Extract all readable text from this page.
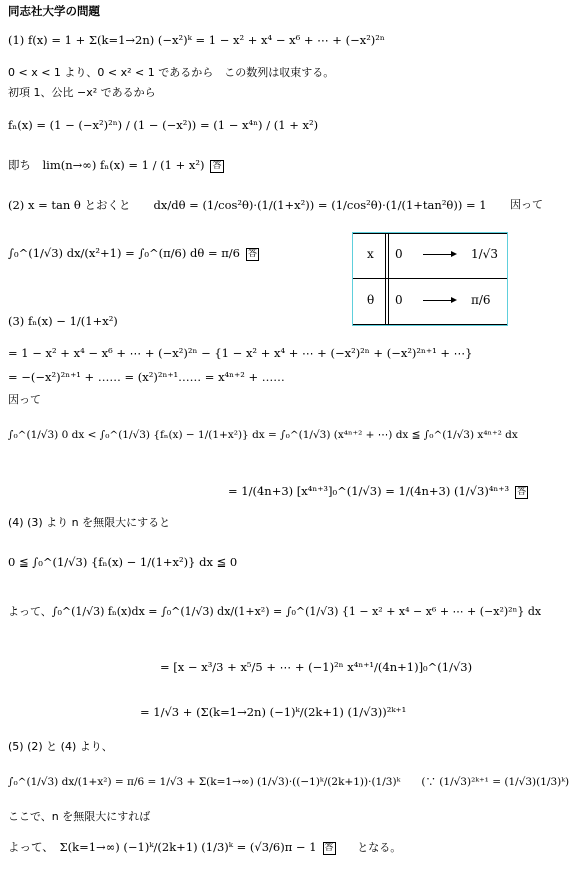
同志社大学の問題
(1) f(x) = 1 + Σ(k=1→2n) (−x²)ᵏ = 1 − x² + x⁴ − x⁶ + ⋯ + (−x²)²ⁿ
0 < x < 1 より、0 < x² < 1 であるから　この数列は収束する。
初項 1、公比 −x² であるから
fₙ(x) = (1 − (−x²)²ⁿ) / (1 − (−x²)) = (1 − x⁴ⁿ) / (1 + x²)
即ち　lim(n→∞) fₙ(x) = 1 / (1 + x²) 答
(2) x = tan θ とおくと　　dx/dθ = (1/cos²θ)·(1/(1+x²)) = (1/cos²θ)·(1/(1+tan²θ)) = 1 因って
∫₀^(1/√3) dx/(x²+1) = ∫₀^(π/6) dθ = π/6 答	x 0	1/√3
θ 0	π/6
(3) fₙ(x) − 1/(1+x²)
= 1 − x² + x⁴ − x⁶ + ⋯ + (−x²)²ⁿ − {1 − x² + x⁴ + ⋯ + (−x²)²ⁿ + (−x²)²ⁿ⁺¹ + ⋯}
= −(−x²)²ⁿ⁺¹ + …… = (x²)²ⁿ⁺¹…… = x⁴ⁿ⁺² + ……
因って
∫₀^(1/√3) 0 dx < ∫₀^(1/√3) {fₙ(x) − 1/(1+x²)} dx = ∫₀^(1/√3) (x⁴ⁿ⁺² + ⋯) dx ≦ ∫₀^(1/√3) x⁴ⁿ⁺² dx
= 1/(4n+3) [x⁴ⁿ⁺³]₀^(1/√3) = 1/(4n+3) (1/√3)⁴ⁿ⁺³ 答
(4) (3) より n を無限大にすると
0 ≦ ∫₀^(1/√3) {fₙ(x) − 1/(1+x²)} dx ≦ 0
よって、∫₀^(1/√3) fₙ(x)dx = ∫₀^(1/√3) dx/(1+x²) = ∫₀^(1/√3) {1 − x² + x⁴ − x⁶ + ⋯ + (−x²)²ⁿ} dx
= [x − x³/3 + x⁵/5 + ⋯ + (−1)²ⁿ x⁴ⁿ⁺¹/(4n+1)]₀^(1/√3)
= 1/√3 + (Σ(k=1→2n) (−1)ᵏ/(2k+1) (1/√3))²ᵏ⁺¹
(5) (2) と (4) より、
∫₀^(1/√3) dx/(1+x²) = π/6 = 1/√3 + Σ(k=1→∞) (1/√3)·((−1)ᵏ/(2k+1))·(1/3)ᵏ　　(∵ (1/√3)²ᵏ⁺¹ = (1/√3)(1/3)ᵏ)
ここで、n を無限大にすれば
よって、　Σ(k=1→∞) (−1)ᵏ/(2k+1) (1/3)ᵏ = (√3/6)π − 1 答 となる。
